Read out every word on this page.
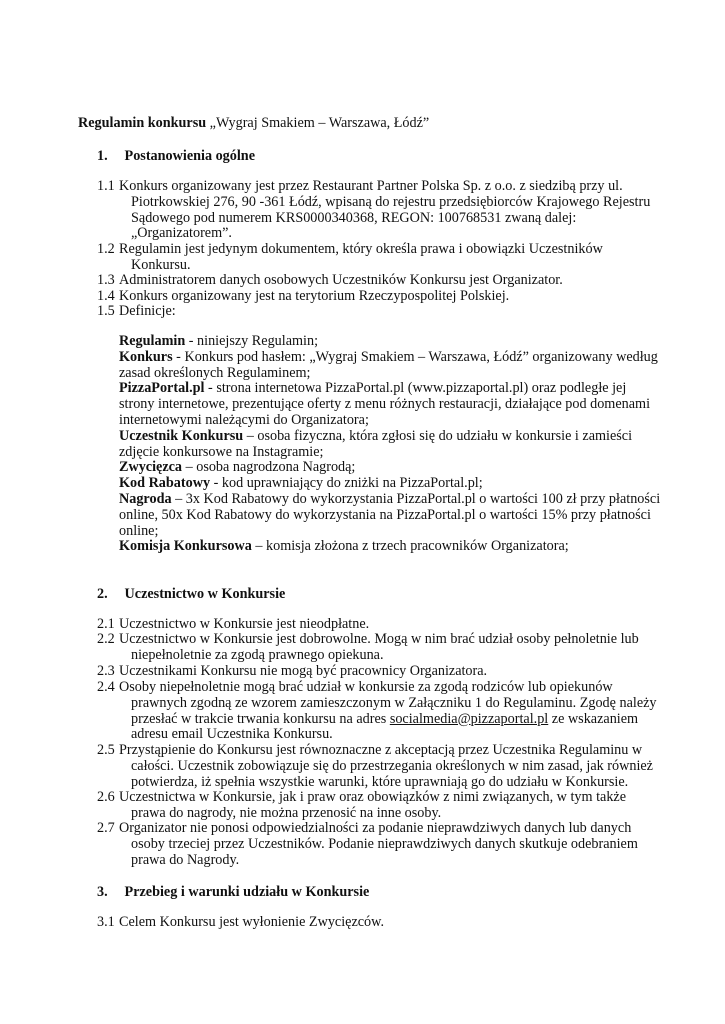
Regulamin konkursu „Wygraj Smakiem – Warszawa, Łódź”
1. Postanowienia ogólne
1.1 Konkurs organizowany jest przez Restaurant Partner Polska Sp. z o.o. z siedzibą przy ul.
Piotrkowskiej 276, 90 -361 Łódź, wpisaną do rejestru przedsiębiorców Krajowego Rejestru Sądowego pod numerem KRS0000340368, REGON: 100768531 zwaną dalej: „Organizatorem”.
1.2 Regulamin jest jedynym dokumentem, który określa prawa i obowiązki Uczestników
Konkursu.
1.3 Administratorem danych osobowych Uczestników Konkursu jest Organizator.
1.4 Konkurs organizowany jest na terytorium Rzeczypospolitej Polskiej.
1.5 Definicje:

Regulamin - niniejszy Regulamin;

Konkurs - Konkurs pod hasłem: „Wygraj Smakiem – Warszawa, Łódź” organizowany według zasad określonych Regulaminem;

PizzaPortal.pl - strona internetowa PizzaPortal.pl (www.pizzaportal.pl) oraz podległe jej strony internetowe, prezentujące oferty z menu różnych restauracji, działające pod domenami internetowymi należącymi do Organizatora;

Uczestnik Konkursu – osoba fizyczna, która zgłosi się do udziału w konkursie i zamieści zdjęcie konkursowe na Instagramie;

Zwycięzca – osoba nagrodzona Nagrodą;

Kod Rabatowy - kod uprawniający do zniżki na PizzaPortal.pl;

Nagroda – 3x Kod Rabatowy do wykorzystania PizzaPortal.pl o wartości 100 zł przy płatności online, 50x Kod Rabatowy do wykorzystania na PizzaPortal.pl o wartości 15% przy płatności online;

Komisja Konkursowa – komisja złożona z trzech pracowników Organizatora;

2. Uczestnictwo w Konkursie
2.1 Uczestnictwo w Konkursie jest nieodpłatne.
2.2 Uczestnictwo w Konkursie jest dobrowolne. Mogą w nim brać udział osoby pełnoletnie lub
niepełnoletnie za zgodą prawnego opiekuna.
2.3 Uczestnikami Konkursu nie mogą być pracownicy Organizatora.
2.4 Osoby niepełnoletnie mogą brać udział w konkursie za zgodą rodziców lub opiekunów
prawnych zgodną ze wzorem zamieszczonym w Załączniku 1 do Regulaminu. Zgodę należy przesłać w trakcie trwania konkursu na adres socialmedia@pizzaportal.pl ze wskazaniem adresu email Uczestnika Konkursu.
2.5 Przystąpienie do Konkursu jest równoznaczne z akceptacją przez Uczestnika Regulaminu w
całości. Uczestnik zobowiązuje się do przestrzegania określonych w nim zasad, jak również potwierdza, iż spełnia wszystkie warunki, które uprawniają go do udziału w Konkursie.
2.6 Uczestnictwa w Konkursie, jak i praw oraz obowiązków z nimi związanych, w tym także
prawa do nagrody, nie można przenosić na inne osoby.
2.7 Organizator nie ponosi odpowiedzialności za podanie nieprawdziwych danych lub danych
osoby trzeciej przez Uczestników. Podanie nieprawdziwych danych skutkuje odebraniem prawa do Nagrody.
3. Przebieg i warunki udziału w Konkursie
3.1 Celem Konkursu jest wyłonienie Zwycięzców.
